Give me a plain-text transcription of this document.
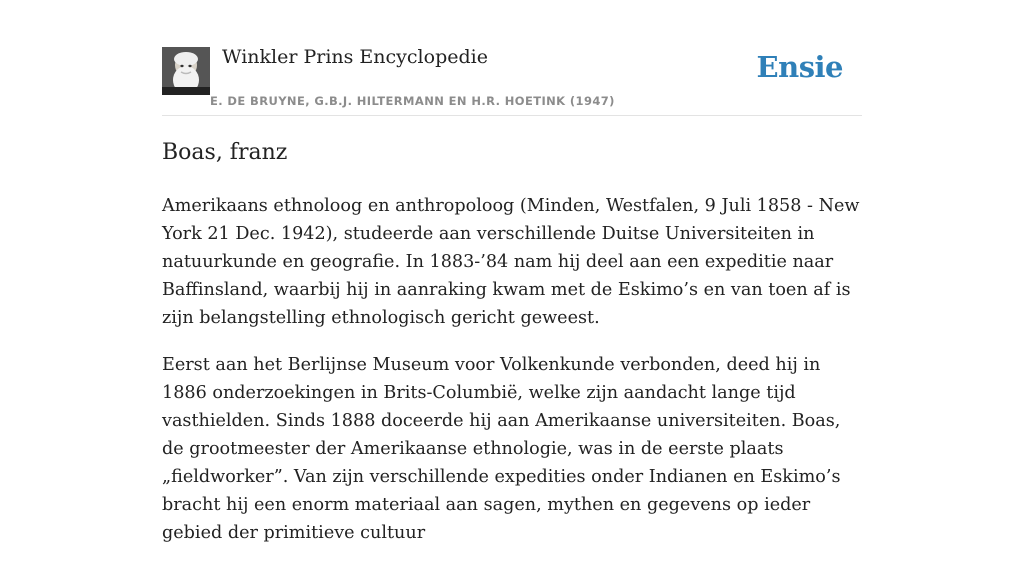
Winkler Prins Encyclopedie
E. DE BRUYNE, G.B.J. HILTERMANN EN H.R. HOETINK (1947)
Ensie
Boas, franz

Amerikaans ethnoloog en anthropoloog (Minden, Westfalen, 9 Juli 1858 - New York 21 Dec. 1942), studeerde aan verschillende Duitse Universiteiten in natuurkunde en geografie. In 1883-’84 nam hij deel aan een expeditie naar Baffinsland, waarbij hij in aanraking kwam met de Eskimo’s en van toen af is zijn belangstelling ethnologisch gericht geweest.

Eerst aan het Berlijnse Museum voor Volkenkunde verbonden, deed hij in 1886 onderzoekingen in Brits-Columbië, welke zijn aandacht lange tijd vasthielden. Sinds 1888 doceerde hij aan Amerikaanse universiteiten. Boas, de grootmeester der Amerikaanse ethnologie, was in de eerste plaats „fieldworker”. Van zijn verschillende expedities onder Indianen en Eskimo’s bracht hij een enorm materiaal aan sagen, mythen en gegevens op ieder gebied der primitieve cultuur
